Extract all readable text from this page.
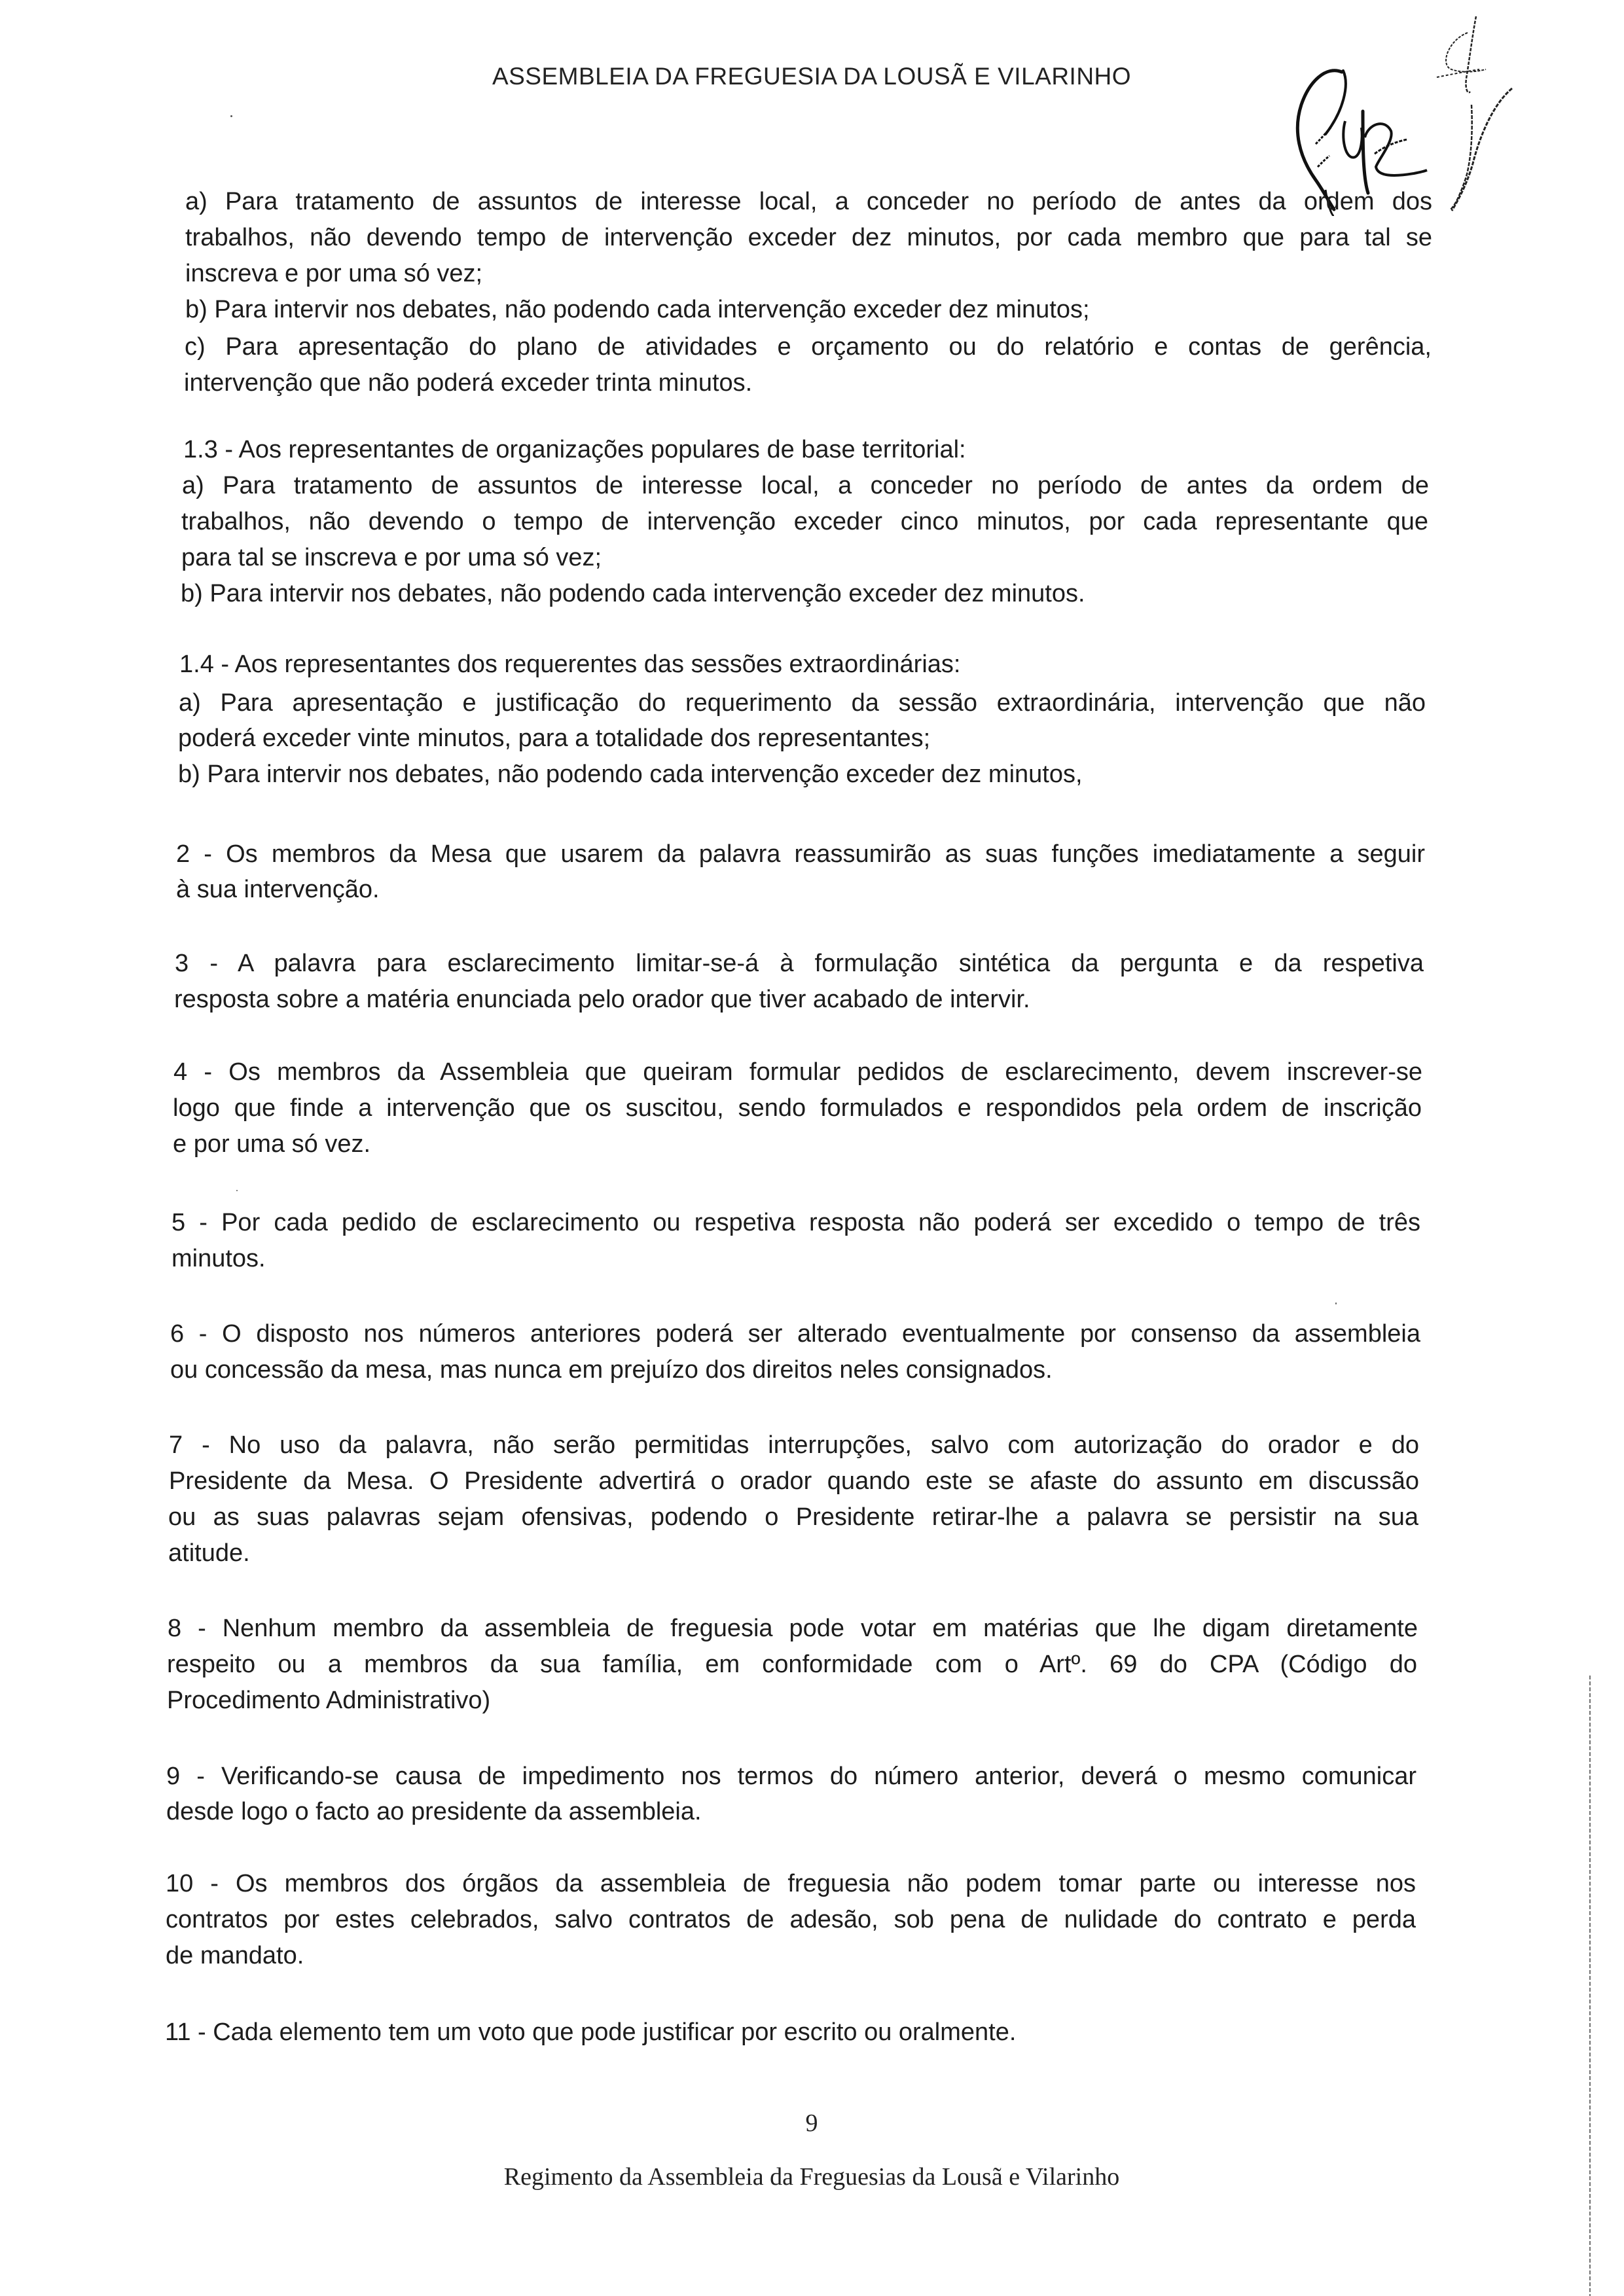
ASSEMBLEIA DA FREGUESIA DA LOUSÃ E VILARINHO
a) Para tratamento de assuntos de interesse local, a conceder no período de antes da ordem dos
trabalhos, não devendo tempo de intervenção exceder dez minutos, por cada membro que para tal se
inscreva e por uma só vez;
b) Para intervir nos debates, não podendo cada intervenção exceder dez minutos;
c) Para apresentação do plano de atividades e orçamento ou do relatório e contas de gerência,
intervenção que não poderá exceder trinta minutos.
1.3 - Aos representantes de organizações populares de base territorial:
a) Para tratamento de assuntos de interesse local, a conceder no período de antes da ordem de
trabalhos, não devendo o tempo de intervenção exceder cinco minutos, por cada representante que
para tal se inscreva e por uma só vez;
b) Para intervir nos debates, não podendo cada intervenção exceder dez minutos.
1.4 - Aos representantes dos requerentes das sessões extraordinárias:
a) Para apresentação e justificação do requerimento da sessão extraordinária, intervenção que não
poderá exceder vinte minutos, para a totalidade dos representantes;
b) Para intervir nos debates, não podendo cada intervenção exceder dez minutos,
2 - Os membros da Mesa que usarem da palavra reassumirão as suas funções imediatamente a seguir
à sua intervenção.
3 - A palavra para esclarecimento limitar-se-á à formulação sintética da pergunta e da respetiva
resposta sobre a matéria enunciada pelo orador que tiver acabado de intervir.
4 - Os membros da Assembleia que queiram formular pedidos de esclarecimento, devem inscrever-se
logo que finde a intervenção que os suscitou, sendo formulados e respondidos pela ordem de inscrição
e por uma só vez.
5 - Por cada pedido de esclarecimento ou respetiva resposta não poderá ser excedido o tempo de três
minutos.
6 - O disposto nos números anteriores poderá ser alterado eventualmente por consenso da assembleia
ou concessão da mesa, mas nunca em prejuízo dos direitos neles consignados.
7 - No uso da palavra, não serão permitidas interrupções, salvo com autorização do orador e do
Presidente da Mesa. O Presidente advertirá o orador quando este se afaste do assunto em discussão
ou as suas palavras sejam ofensivas, podendo o Presidente retirar-lhe a palavra se persistir na sua
atitude.
8 - Nenhum membro da assembleia de freguesia pode votar em matérias que lhe digam diretamente
respeito ou a membros da sua família, em conformidade com o Artº. 69 do CPA (Código do
Procedimento Administrativo)
9 - Verificando-se causa de impedimento nos termos do número anterior, deverá o mesmo comunicar
desde logo o facto ao presidente da assembleia.
10 - Os membros dos órgãos da assembleia de freguesia não podem tomar parte ou interesse nos
contratos por estes celebrados, salvo contratos de adesão, sob pena de nulidade do contrato e perda
de mandato.
11 - Cada elemento tem um voto que pode justificar por escrito ou oralmente.
9
Regimento da Assembleia da Freguesias da Lousã e Vilarinho
